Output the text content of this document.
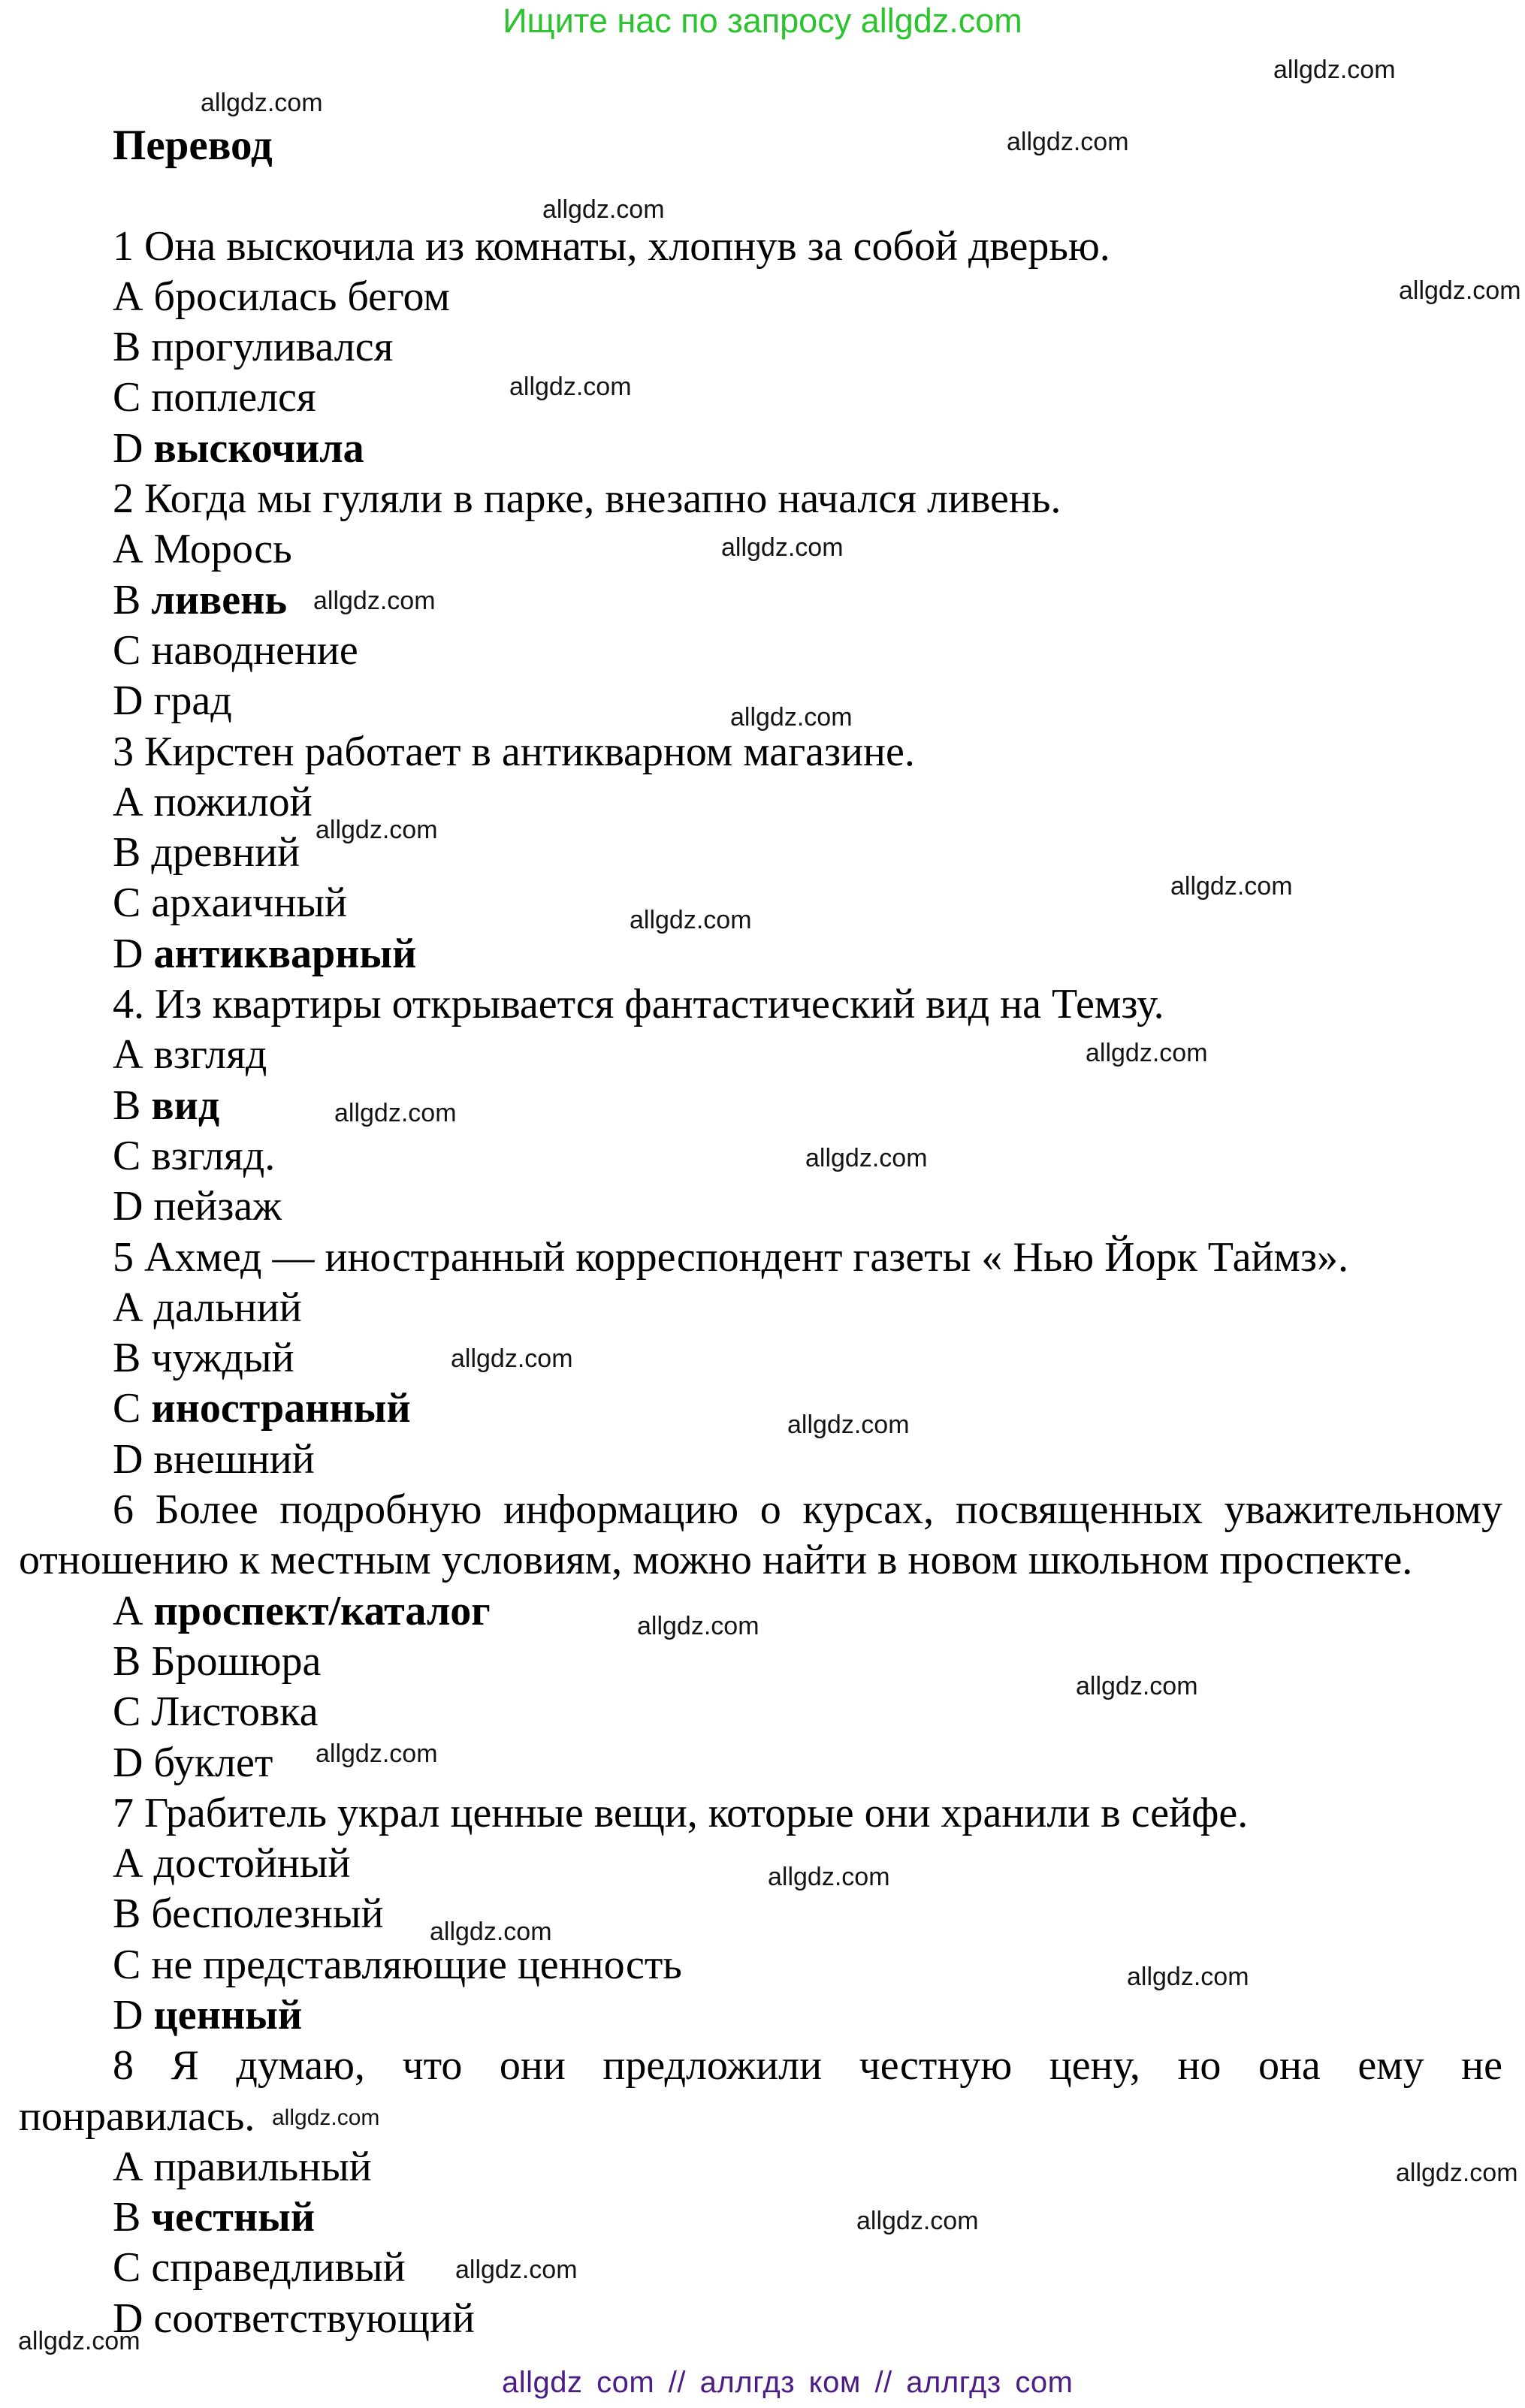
Ищите нас по запросу allgdz.com
Перевод
1 Она выскочила из комнаты, хлопнув за собой дверью.
А бросилась бегом
В прогуливался
С поплелся
D выскочила
2 Когда мы гуляли в парке, внезапно начался ливень.
А Морось
В ливень
С наводнение
D град
3 Кирстен работает в антикварном магазине.
А пожилой
В древний
С архаичный
D антикварный
4. Из квартиры открывается фантастический вид на Темзу.
А взгляд
В вид
С взгляд.
D пейзаж
5 Ахмед — иностранный корреспондент газеты « Нью Йорк Таймз».
А дальний
В чуждый
С иностранный
D внешний
6 Более подробную информацию о курсах, посвященных уважительному
отношению к местным условиям, можно найти в новом школьном проспекте.
А проспект/каталог
В Брошюра
С Листовка
D буклет
7 Грабитель украл ценные вещи, которые они хранили в сейфе.
А достойный
В бесполезный
С не представляющие ценность
D ценный
8 Я думаю, что они предложили честную цену, но она ему не
понравилась.
А правильный
В честный
С справедливый
D соответствующий
allgdz.com
allgdz.com
allgdz.com
allgdz.com
allgdz.com
allgdz.com
allgdz.com
allgdz.com
allgdz.com
allgdz.com
allgdz.com
allgdz.com
allgdz.com
allgdz.com
allgdz.com
allgdz.com
allgdz.com
allgdz.com
allgdz.com
allgdz.com
allgdz.com
allgdz.com
allgdz.com
allgdz.com
allgdz.com
allgdz.com
allgdz.com
allgdz.com
allgdz com // аллгдз ком // аллгдз com
